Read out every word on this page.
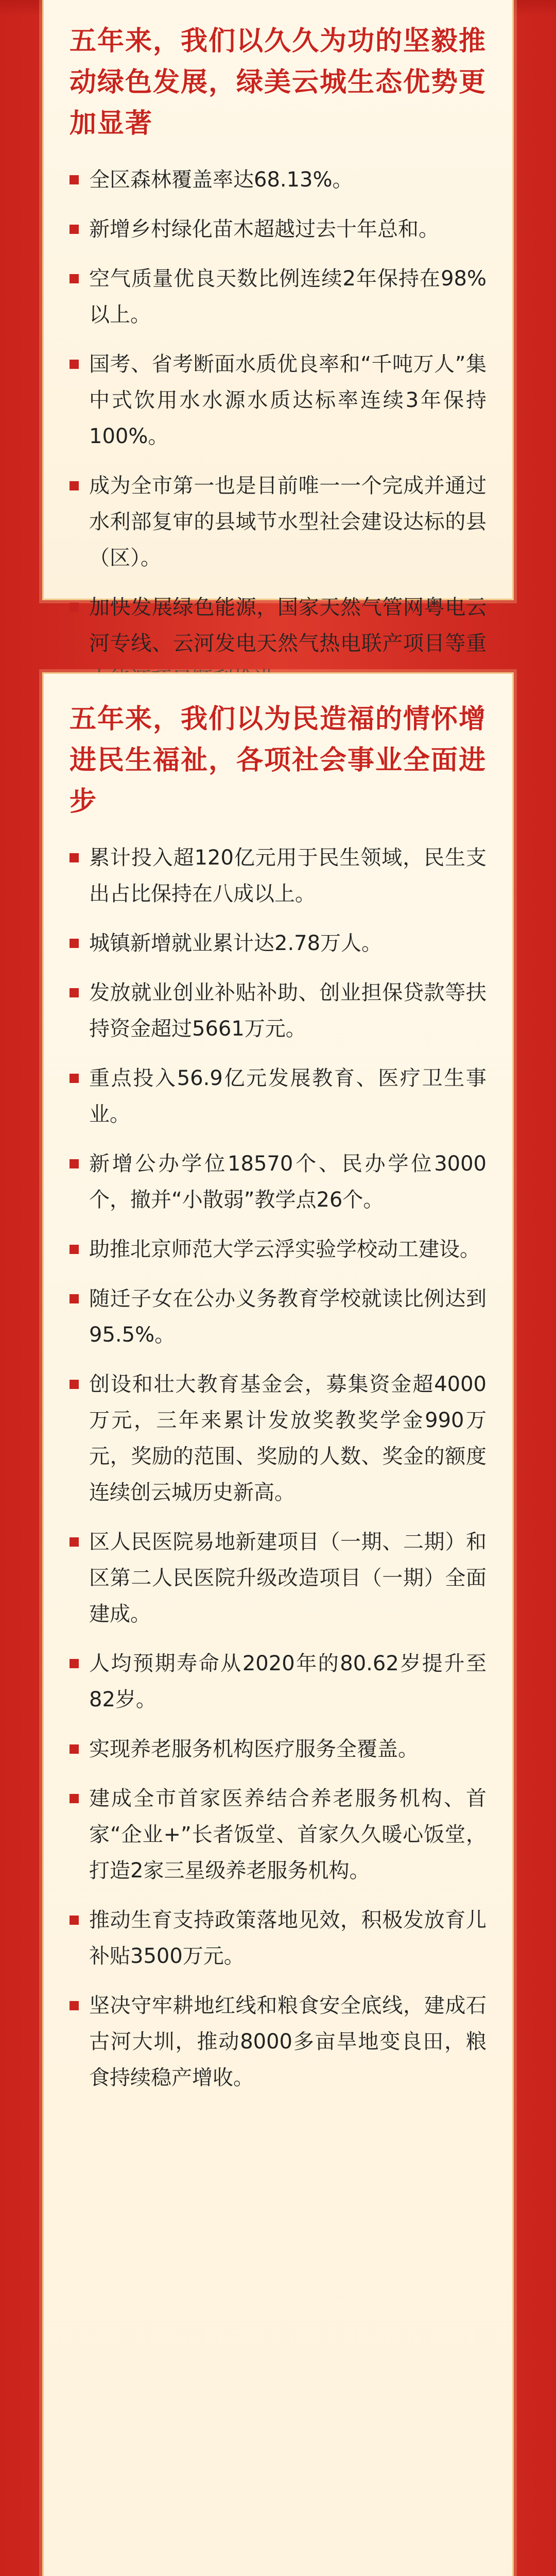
五年来，我们以久久为功的坚毅推动绿色发展，绿美云城生态优势更加显著
全区森林覆盖率达68.13%。
新增乡村绿化苗木超越过去十年总和。
空气质量优良天数比例连续2年保持在98%以上。
国考、省考断面水质优良率和“千吨万人”集中式饮用水水源水质达标率连续3年保持100%。
成为全市第一也是目前唯一一个完成并通过水利部复审的县域节水型社会建设达标的县（区）。
加快发展绿色能源，国家天然气管网粤电云河专线、云河发电天然气热电联产项目等重
五年来，我们以为民造福的情怀增进民生福祉，各项社会事业全面进步
累计投入超120亿元用于民生领域，民生支出占比保持在八成以上。
城镇新增就业累计达2.78万人。
发放就业创业补贴补助、创业担保贷款等扶持资金超过5661万元。
重点投入56.9亿元发展教育、医疗卫生事业。
新增公办学位18570个、民办学位3000个，撤并“小散弱”教学点26个。
助推北京师范大学云浮实验学校动工建设。
随迁子女在公办义务教育学校就读比例达到95.5%。
创设和壮大教育基金会，募集资金超4000万元，三年来累计发放奖教奖学金990万元，奖励的范围、奖励的人数、奖金的额度连续创云城历史新高。
区人民医院易地新建项目（一期、二期）和区第二人民医院升级改造项目（一期）全面建成。
人均预期寿命从2020年的80.62岁提升至82岁。
实现养老服务机构医疗服务全覆盖。
建成全市首家医养结合养老服务机构、首家“企业+”长者饭堂、首家久久暖心饭堂，打造2家三星级养老服务机构。
推动生育支持政策落地见效，积极发放育儿补贴3500万元。
坚决守牢耕地红线和粮食安全底线，建成石古河大圳，推动8000多亩旱地变良田，粮食持续稳产增收。
